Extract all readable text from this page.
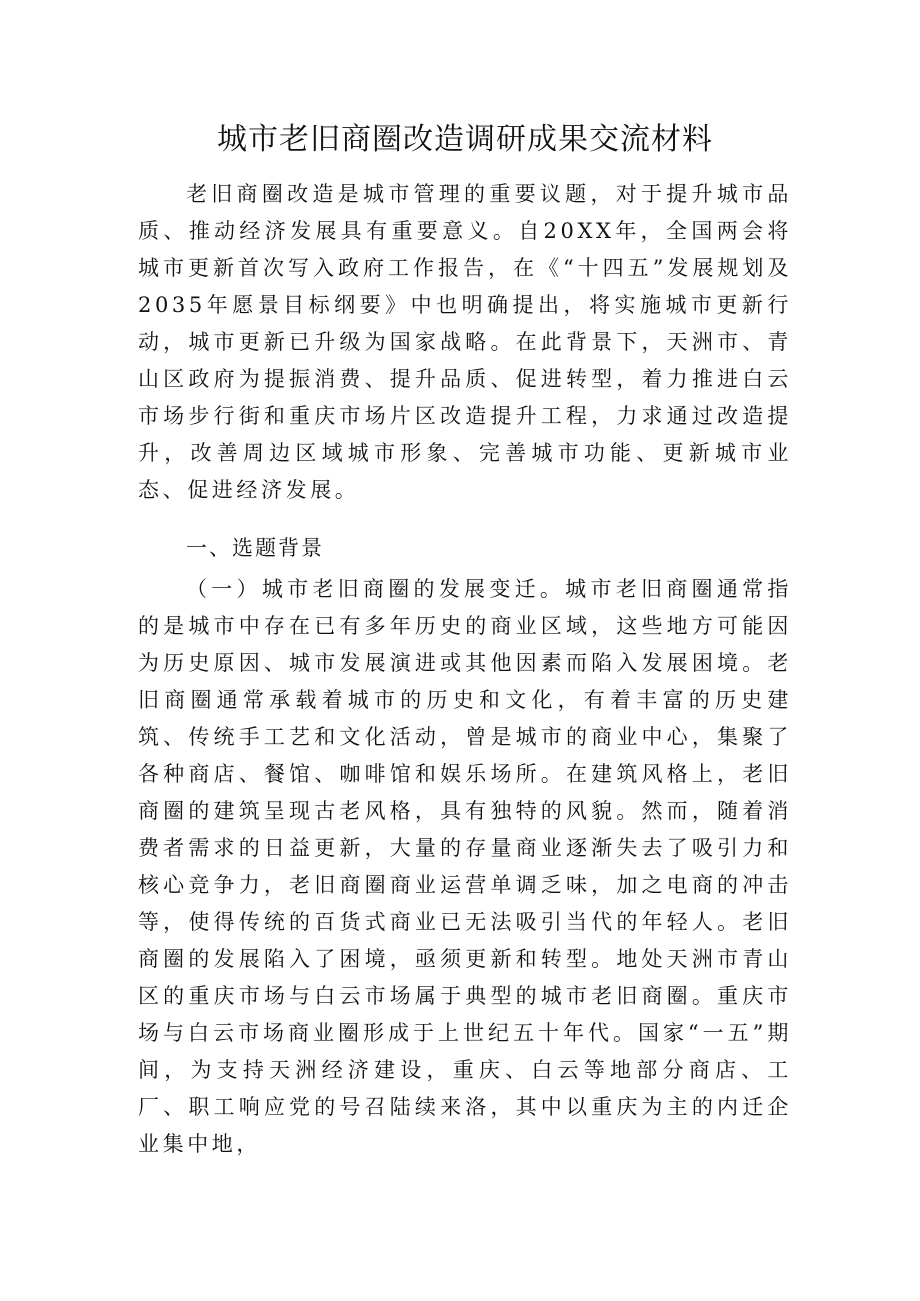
城市老旧商圈改造调研成果交流材料

老旧商圈改造是城市管理的重要议题，对于提升城市品质、推动经济发展具有重要意义。自20XX年，全国两会将城市更新首次写入政府工作报告，在《“十四五”发展规划及2035年愿景目标纲要》中也明确提出，将实施城市更新行动，城市更新已升级为国家战略。在此背景下，天洲市、青山区政府为提振消费、提升品质、促进转型，着力推进白云市场步行街和重庆市场片区改造提升工程，力求通过改造提升，改善周边区域城市形象、完善城市功能、更新城市业态、促进经济发展。

一、选题背景

（一）城市老旧商圈的发展变迁。城市老旧商圈通常指的是城市中存在已有多年历史的商业区域，这些地方可能因为历史原因、城市发展演进或其他因素而陷入发展困境。老旧商圈通常承载着城市的历史和文化，有着丰富的历史建筑、传统手工艺和文化活动，曾是城市的商业中心，集聚了各种商店、餐馆、咖啡馆和娱乐场所。在建筑风格上，老旧商圈的建筑呈现古老风格，具有独特的风貌。然而，随着消费者需求的日益更新，大量的存量商业逐渐失去了吸引力和核心竞争力，老旧商圈商业运营单调乏味，加之电商的冲击等，使得传统的百货式商业已无法吸引当代的年轻人。老旧商圈的发展陷入了困境，亟须更新和转型。地处天洲市青山区的重庆市场与白云市场属于典型的城市老旧商圈。重庆市场与白云市场商业圈形成于上世纪五十年代。国家“一五”期间，为支持天洲经济建设，重庆、白云等地部分商店、工厂、职工响应党的号召陆续来洛，其中以重庆为主的内迁企业集中地，
